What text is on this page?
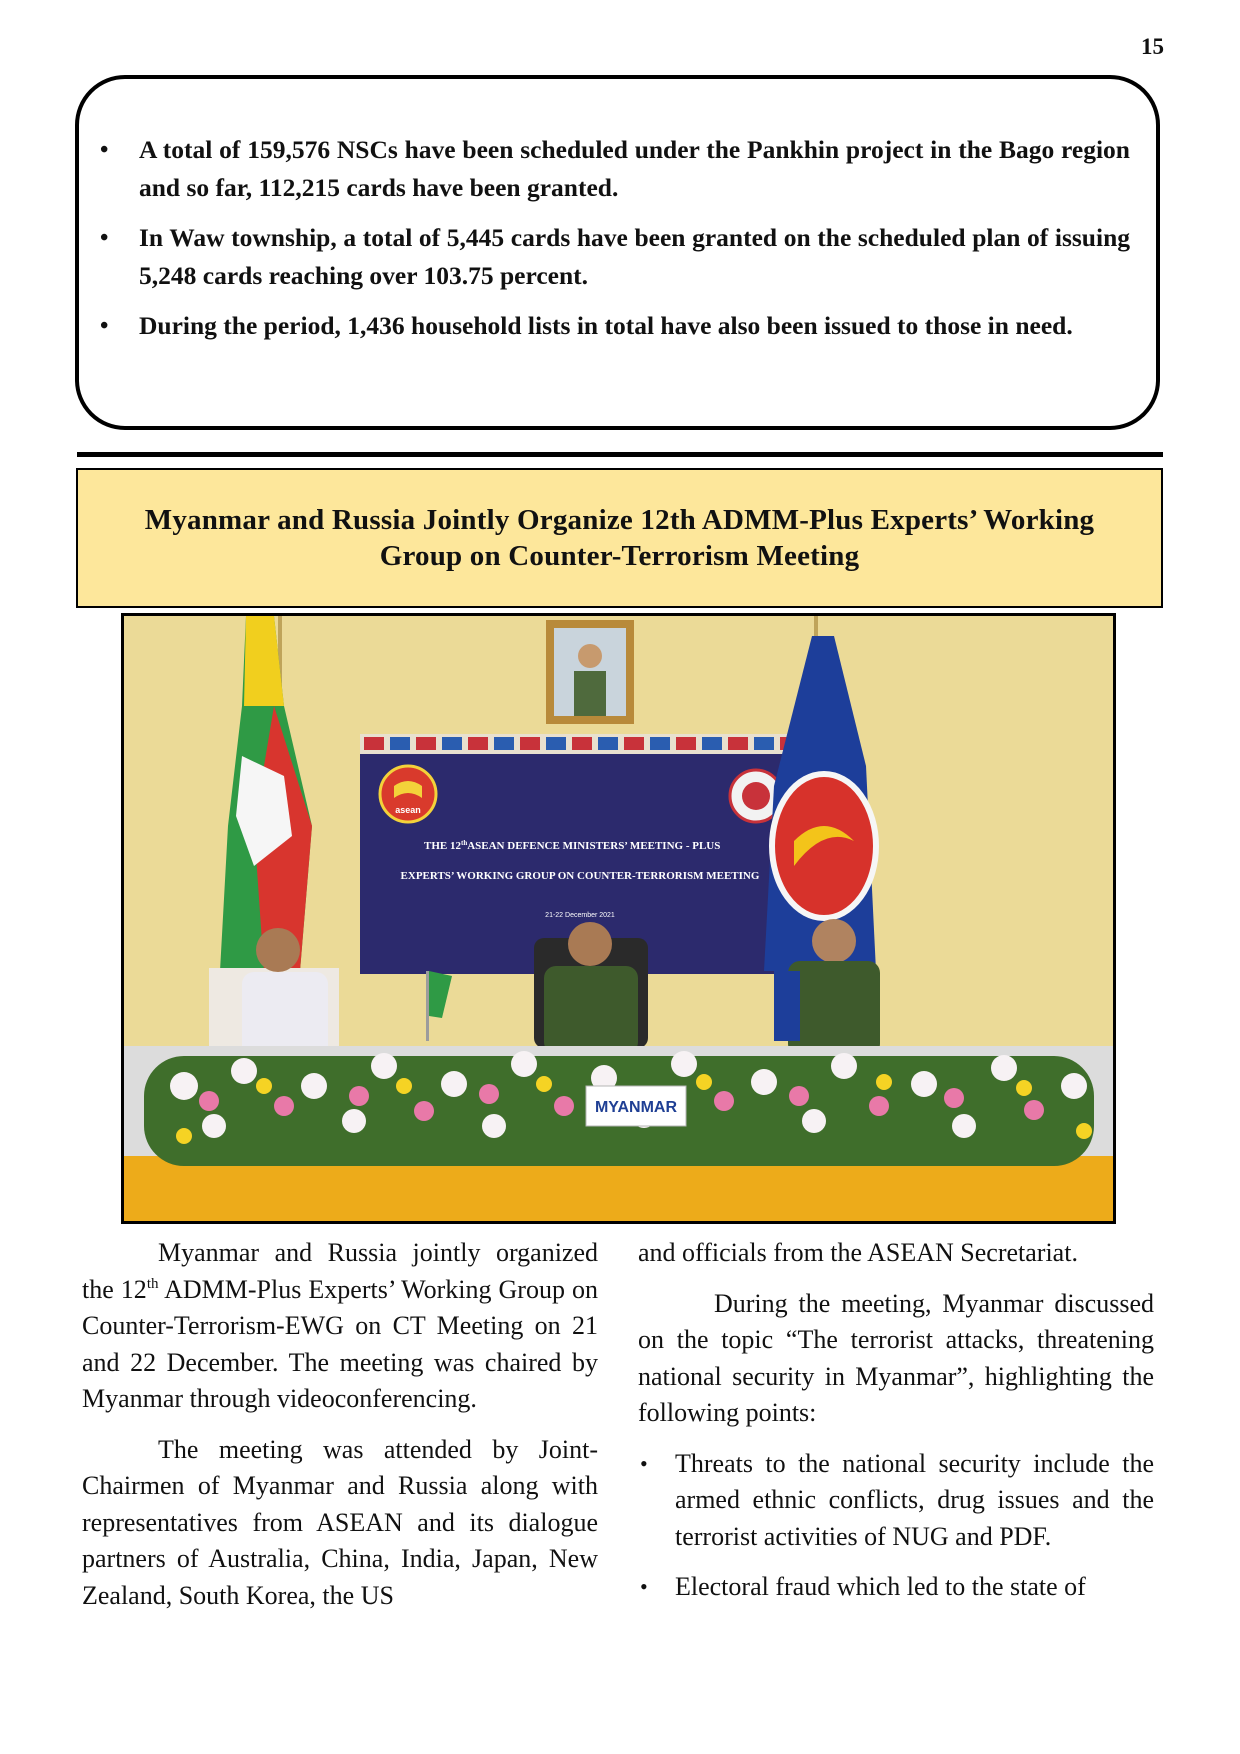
15
• A total of 159,576 NSCs have been scheduled under the Pankhin project in the Bago region and so far, 112,215 cards have been granted.
• In Waw township, a total of 5,445 cards have been granted on the scheduled plan of issuing 5,248 cards reaching over 103.75 percent.
• During the period, 1,436 household lists in total have also been issued to those in need.
Myanmar and Russia Jointly Organize 12th ADMM-Plus Experts’ Working Group on Counter-Terrorism Meeting
asean
THE 12thASEAN DEFENCE MINISTERS’ MEETING - PLUS
EXPERTS’ WORKING GROUP ON COUNTER-TERRORISM MEETING
21-22 December 2021
MYANMAR

Myanmar and Russia jointly organized the 12th ADMM-Plus Experts’ Working Group on Counter-Terrorism-EWG on CT Meeting on 21 and 22 December. The meeting was chaired by Myanmar through videoconferencing.

The meeting was attended by Joint-Chairmen of Myanmar and Russia along with representatives from ASEAN and its dialogue partners of Australia, China, India, Japan, New Zealand, South Korea, the US

and officials from the ASEAN Secretariat.

During the meeting, Myanmar discussed on the topic “The terrorist attacks, threatening national security in Myanmar”, highlighting the following points:

• Threats to the national security include the armed ethnic conflicts, drug issues and the terrorist activities of NUG and PDF.
• Electoral fraud which led to the state of
